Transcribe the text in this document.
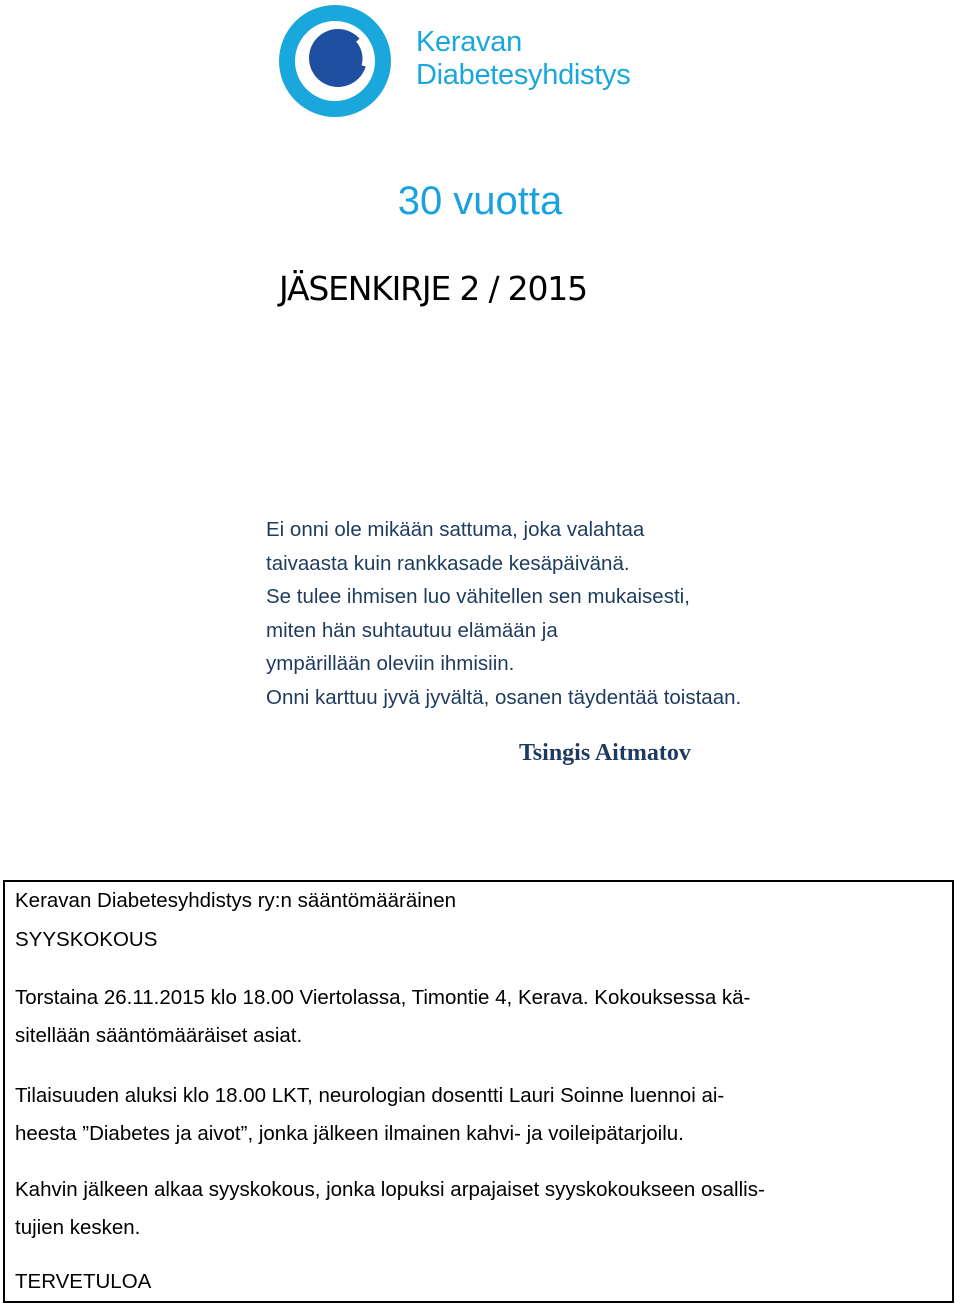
Keravan
Diabetesyhdistys
30 vuotta
JÄSENKIRJE 2 / 2015
Ei onni ole mikään sattuma, joka valahtaa
taivaasta kuin rankkasade kesäpäivänä.
Se tulee ihmisen luo vähitellen sen mukaisesti,
miten hän suhtautuu elämään ja
ympärillään oleviin ihmisiin.
Onni karttuu jyvä jyvältä, osanen täydentää toistaan.
Tsingis Aitmatov

Keravan Diabetesyhdistys ry:n sääntömääräinen

SYYSKOKOUS

Torstaina 26.11.2015 klo 18.00 Viertolassa, Timontie 4, Kerava. Kokouksessa kä-
sitellään sääntömääräiset asiat.

Tilaisuuden aluksi klo 18.00 LKT, neurologian dosentti Lauri Soinne luennoi ai-
heesta ”Diabetes ja aivot”, jonka jälkeen ilmainen kahvi- ja voileipätarjoilu.

Kahvin jälkeen alkaa syyskokous, jonka lopuksi arpajaiset syyskokoukseen osallis-
tujien kesken.

TERVETULOA
